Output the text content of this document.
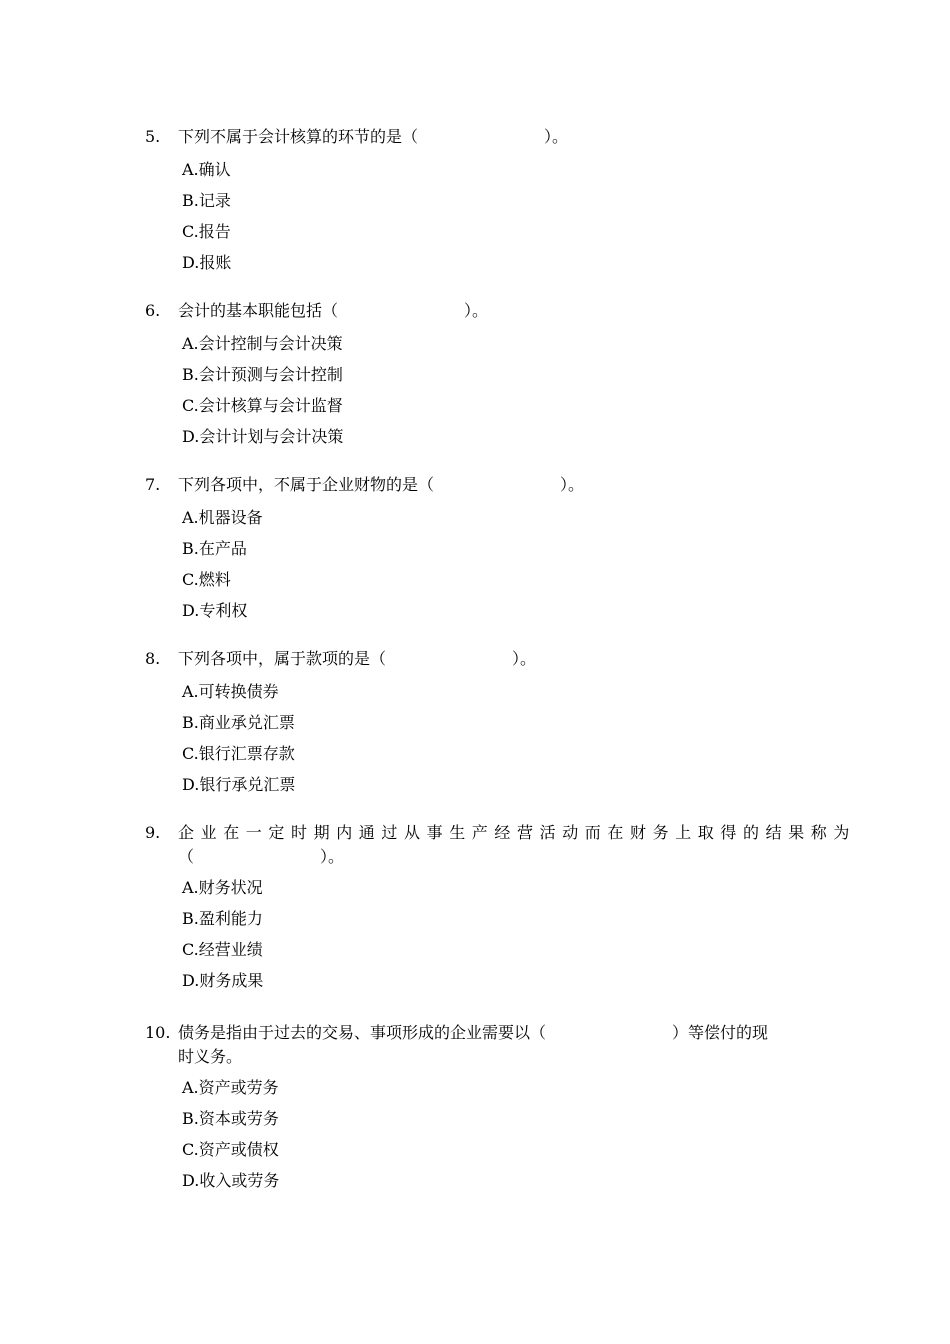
5. 下列不属于会计核算的环节的是（	）。
A.确认
B.记录
C.报告
D.报账
6. 会计的基本职能包括（	）。
A.会计控制与会计决策
B.会计预测与会计控制
C.会计核算与会计监督
D.会计计划与会计决策
7. 下列各项中，不属于企业财物的是（	）。
A.机器设备
B.在产品
C.燃料
D.专利权
8. 下列各项中，属于款项的是（	）。
A.可转换债券
B.商业承兑汇票
C.银行汇票存款
D.银行承兑汇票
9. 企业在一定时期内通过从事生产经营活动而在财务上取得的结果称为
（	）。
A.财务状况
B.盈利能力
C.经营业绩
D.财务成果
10. 债务是指由于过去的交易、事项形成的企业需要以（	）等偿付的现
时义务。
A.资产或劳务
B.资本或劳务
C.资产或债权
D.收入或劳务
